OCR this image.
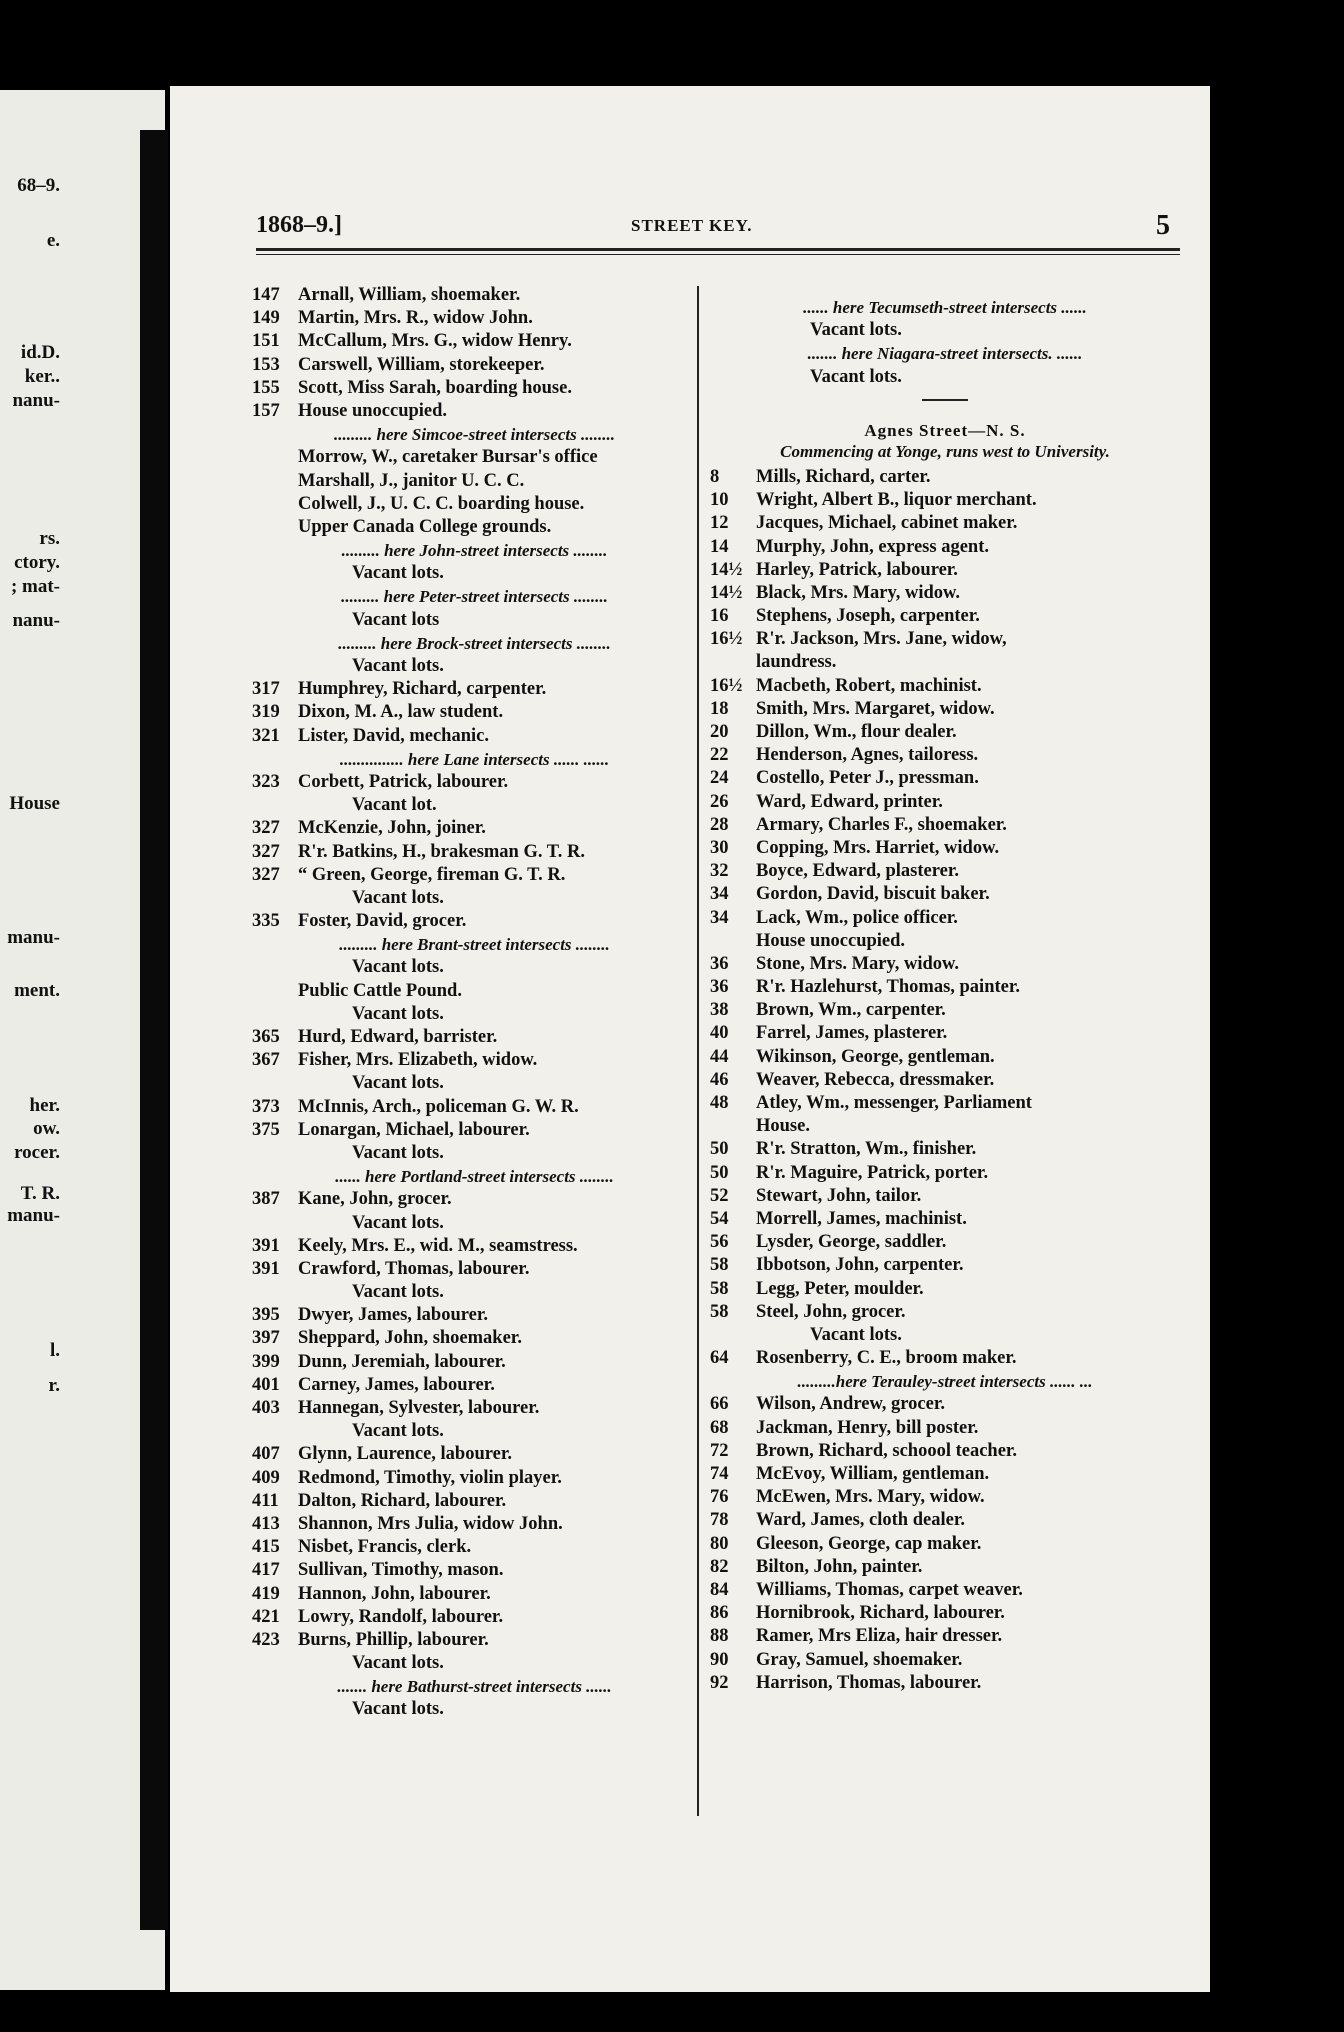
68–9.
e.
id.D.
ker..
nanu-
rs.
ctory.
; mat-
nanu-
House
manu-
ment.
her.
ow.
rocer.
T. R.
manu-
l.
r.
1868–9.]	STREET KEY.	5
147 Arnall, William, shoemaker.
149 Martin, Mrs. R., widow John.
151 McCallum, Mrs. G., widow Henry.
153 Carswell, William, storekeeper.
155 Scott, Miss Sarah, boarding house.
157 House unoccupied.
......... here Simcoe-street intersects ........
Morrow, W., caretaker Bursar's office
Marshall, J., janitor U. C. C.
Colwell, J., U. C. C. boarding house.
Upper Canada College grounds.
......... here John-street intersects ........
Vacant lots.
......... here Peter-street intersects ........
Vacant lots
......... here Brock-street intersects ........
Vacant lots.
317 Humphrey, Richard, carpenter.
319 Dixon, M. A., law student.
321 Lister, David, mechanic.
............... here Lane intersects ...... ......
323 Corbett, Patrick, labourer.
Vacant lot.
327 McKenzie, John, joiner.
327 R'r. Batkins, H., brakesman G. T. R.
327 “ Green, George, fireman G. T. R.
Vacant lots.
335 Foster, David, grocer.
......... here Brant-street intersects ........
Vacant lots.
Public Cattle Pound.
Vacant lots.
365 Hurd, Edward, barrister.
367 Fisher, Mrs. Elizabeth, widow.
Vacant lots.
373 McInnis, Arch., policeman G. W. R.
375 Lonargan, Michael, labourer.
Vacant lots.
...... here Portland-street intersects ........
387 Kane, John, grocer.
Vacant lots.
391 Keely, Mrs. E., wid. M., seamstress.
391 Crawford, Thomas, labourer.
Vacant lots.
395 Dwyer, James, labourer.
397 Sheppard, John, shoemaker.
399 Dunn, Jeremiah, labourer.
401 Carney, James, labourer.
403 Hannegan, Sylvester, labourer.
Vacant lots.
407 Glynn, Laurence, labourer.
409 Redmond, Timothy, violin player.
411 Dalton, Richard, labourer.
413 Shannon, Mrs Julia, widow John.
415 Nisbet, Francis, clerk.
417 Sullivan, Timothy, mason.
419 Hannon, John, labourer.
421 Lowry, Randolf, labourer.
423 Burns, Phillip, labourer.
Vacant lots.
....... here Bathurst-street intersects ......
Vacant lots.
...... here Tecumseth-street intersects ......
Vacant lots.
....... here Niagara-street intersects. ......
Vacant lots.
Agnes Street—N. S.
Commencing at Yonge, runs west to University.
8 Mills, Richard, carter.
10 Wright, Albert B., liquor merchant.
12 Jacques, Michael, cabinet maker.
14 Murphy, John, express agent.
14½ Harley, Patrick, labourer.
14½ Black, Mrs. Mary, widow.
16 Stephens, Joseph, carpenter.
16½ R'r. Jackson, Mrs. Jane, widow,
laundress.
16½ Macbeth, Robert, machinist.
18 Smith, Mrs. Margaret, widow.
20 Dillon, Wm., flour dealer.
22 Henderson, Agnes, tailoress.
24 Costello, Peter J., pressman.
26 Ward, Edward, printer.
28 Armary, Charles F., shoemaker.
30 Copping, Mrs. Harriet, widow.
32 Boyce, Edward, plasterer.
34 Gordon, David, biscuit baker.
34 Lack, Wm., police officer.
House unoccupied.
36 Stone, Mrs. Mary, widow.
36 R'r. Hazlehurst, Thomas, painter.
38 Brown, Wm., carpenter.
40 Farrel, James, plasterer.
44 Wikinson, George, gentleman.
46 Weaver, Rebecca, dressmaker.
48 Atley, Wm., messenger, Parliament
House.
50 R'r. Stratton, Wm., finisher.
50 R'r. Maguire, Patrick, porter.
52 Stewart, John, tailor.
54 Morrell, James, machinist.
56 Lysder, George, saddler.
58 Ibbotson, John, carpenter.
58 Legg, Peter, moulder.
58 Steel, John, grocer.
Vacant lots.
64 Rosenberry, C. E., broom maker.
.........here Terauley-street intersects ...... ...
66 Wilson, Andrew, grocer.
68 Jackman, Henry, bill poster.
72 Brown, Richard, schoool teacher.
74 McEvoy, William, gentleman.
76 McEwen, Mrs. Mary, widow.
78 Ward, James, cloth dealer.
80 Gleeson, George, cap maker.
82 Bilton, John, painter.
84 Williams, Thomas, carpet weaver.
86 Hornibrook, Richard, labourer.
88 Ramer, Mrs Eliza, hair dresser.
90 Gray, Samuel, shoemaker.
92 Harrison, Thomas, labourer.
